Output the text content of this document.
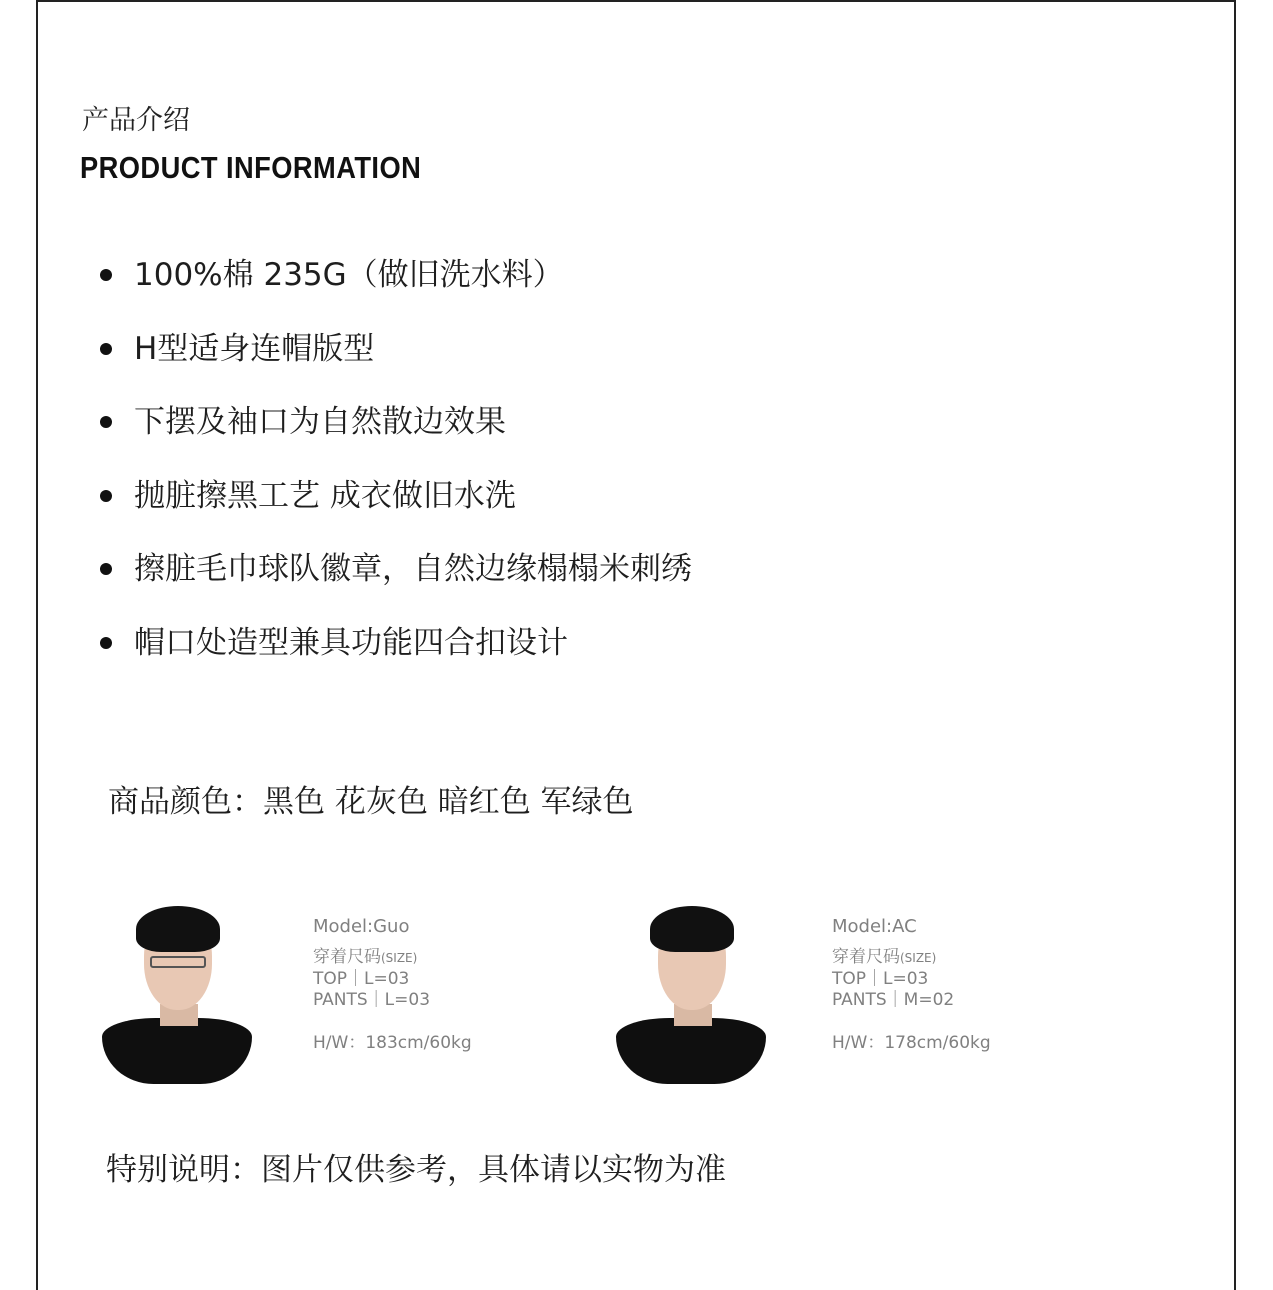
产品介绍
PRODUCT INFORMATION
100%棉 235G（做旧洗水料）
H型适身连帽版型
下摆及袖口为自然散边效果
抛脏擦黑工艺 成衣做旧水洗
擦脏毛巾球队徽章，自然边缘榻榻米刺绣
帽口处造型兼具功能四合扣设计
商品颜色：黑色 花灰色 暗红色 军绿色
Model:Guo
穿着尺码(SIZE)
TOP｜L=03
PANTS｜L=03
H/W：183cm/60kg
Model:AC
穿着尺码(SIZE)
TOP｜L=03
PANTS｜M=02
H/W：178cm/60kg
特别说明：图片仅供参考，具体请以实物为准
